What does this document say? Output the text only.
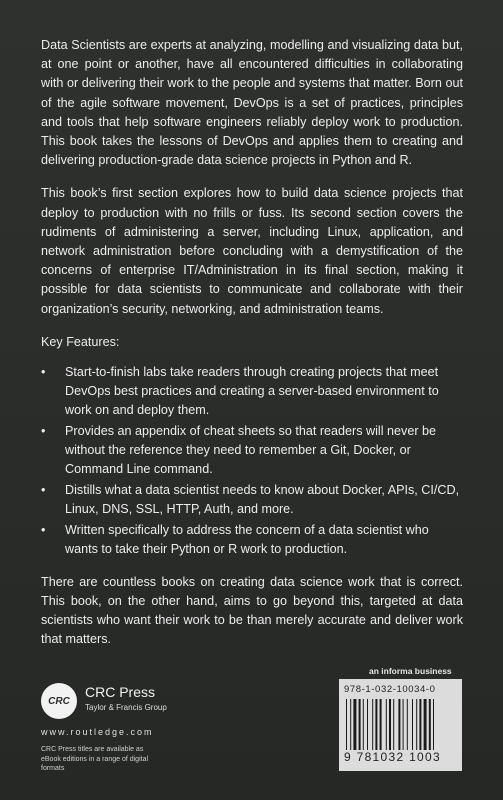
Data Scientists are experts at analyzing, modelling and visualizing data but, at one point or another, have all encountered difficulties in collaborating with or delivering their work to the people and systems that matter. Born out of the agile software movement, DevOps is a set of practices, principles and tools that help software engineers reliably deploy work to production. This book takes the lessons of DevOps and applies them to creating and delivering production-grade data science projects in Python and R.

This book’s first section explores how to build data science projects that deploy to production with no frills or fuss. Its second section covers the rudiments of administering a server, including Linux, application, and network administration before concluding with a demystification of the concerns of enterprise IT/Administration in its final section, making it possible for data scientists to communicate and collaborate with their organization’s security, networking, and administration teams.

Key Features:
• Start-to-finish labs take readers through creating projects that meet DevOps best practices and creating a server-based environment to work on and deploy them.
• Provides an appendix of cheat sheets so that readers will never be without the reference they need to remember a Git, Docker, or Command Line command.
• Distills what a data scientist needs to know about Docker, APIs, CI/CD, Linux, DNS, SSL, HTTP, Auth, and more.
• Written specifically to address the concern of a data scientist who wants to take their Python or R work to production.

There are countless books on creating data science work that is correct. This book, on the other hand, aims to go beyond this, targeted at data scientists who want their work to be than merely accurate and deliver work that matters.

an informa business
978-1-032-10034-0
9 781032 1003
CRC
CRC Press
Taylor & Francis Group
www.routledge.com
CRC Press titles are available as eBook editions in a range of digital formats
